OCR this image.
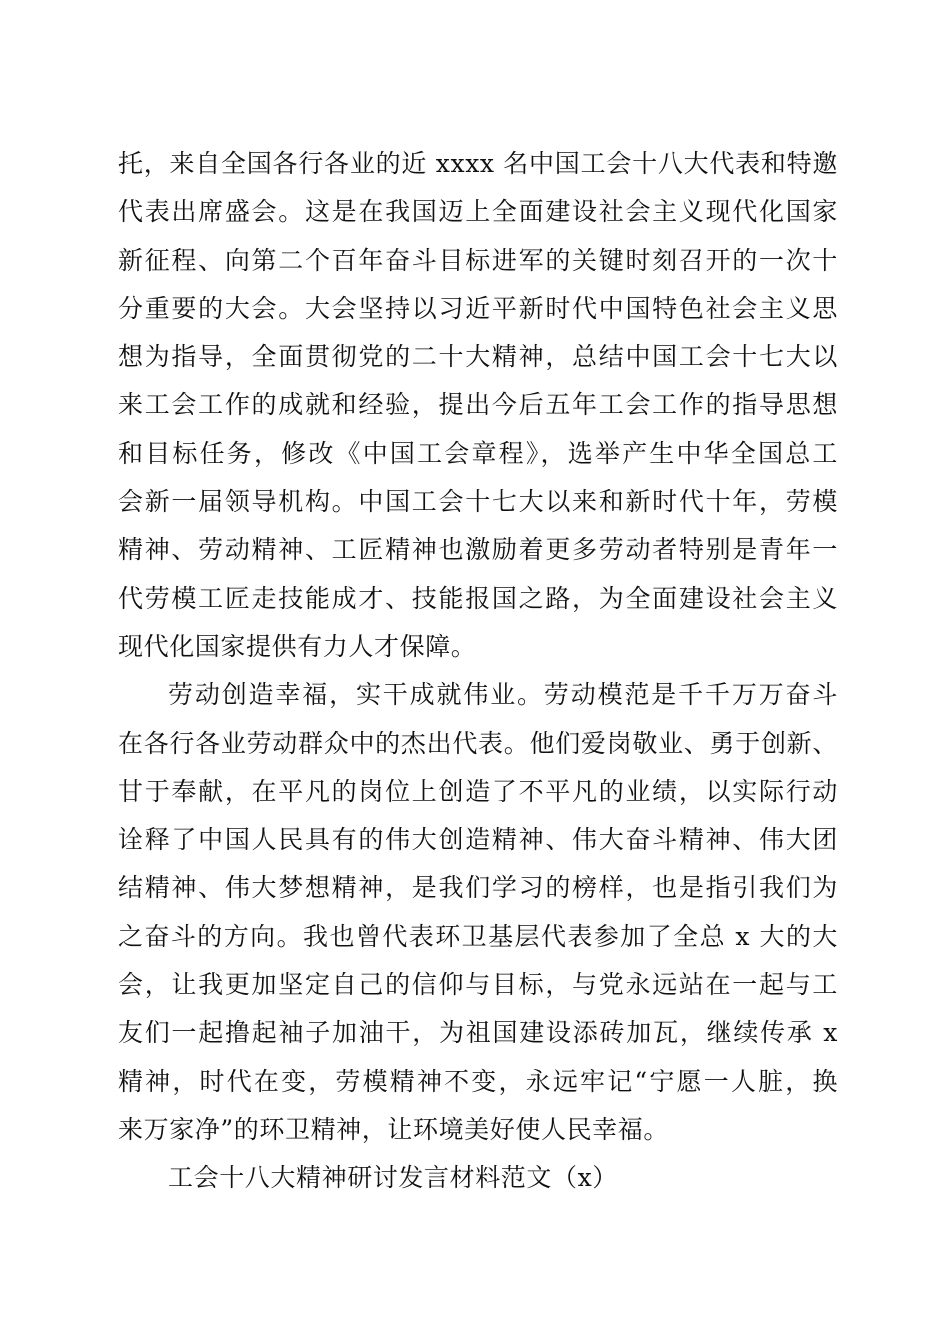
托，来自全国各行各业的近 xxxx 名中国工会十八大代表和特邀
代表出席盛会。这是在我国迈上全面建设社会主义现代化国家
新征程、向第二个百年奋斗目标进军的关键时刻召开的一次十
分重要的大会。大会坚持以习近平新时代中国特色社会主义思
想为指导，全面贯彻党的二十大精神，总结中国工会十七大以
来工会工作的成就和经验，提出今后五年工会工作的指导思想
和目标任务，修改《中国工会章程》，选举产生中华全国总工
会新一届领导机构。中国工会十七大以来和新时代十年，劳模
精神、劳动精神、工匠精神也激励着更多劳动者特别是青年一
代劳模工匠走技能成才、技能报国之路，为全面建设社会主义
现代化国家提供有力人才保障。
劳动创造幸福，实干成就伟业。劳动模范是千千万万奋斗
在各行各业劳动群众中的杰出代表。他们爱岗敬业、勇于创新、
甘于奉献，在平凡的岗位上创造了不平凡的业绩，以实际行动
诠释了中国人民具有的伟大创造精神、伟大奋斗精神、伟大团
结精神、伟大梦想精神，是我们学习的榜样，也是指引我们为
之奋斗的方向。我也曾代表环卫基层代表参加了全总 x 大的大
会，让我更加坚定自己的信仰与目标，与党永远站在一起与工
友们一起撸起袖子加油干，为祖国建设添砖加瓦，继续传承 x
精神，时代在变，劳模精神不变，永远牢记“宁愿一人脏，换
来万家净”的环卫精神，让环境美好使人民幸福。
工会十八大精神研讨发言材料范文（x）
